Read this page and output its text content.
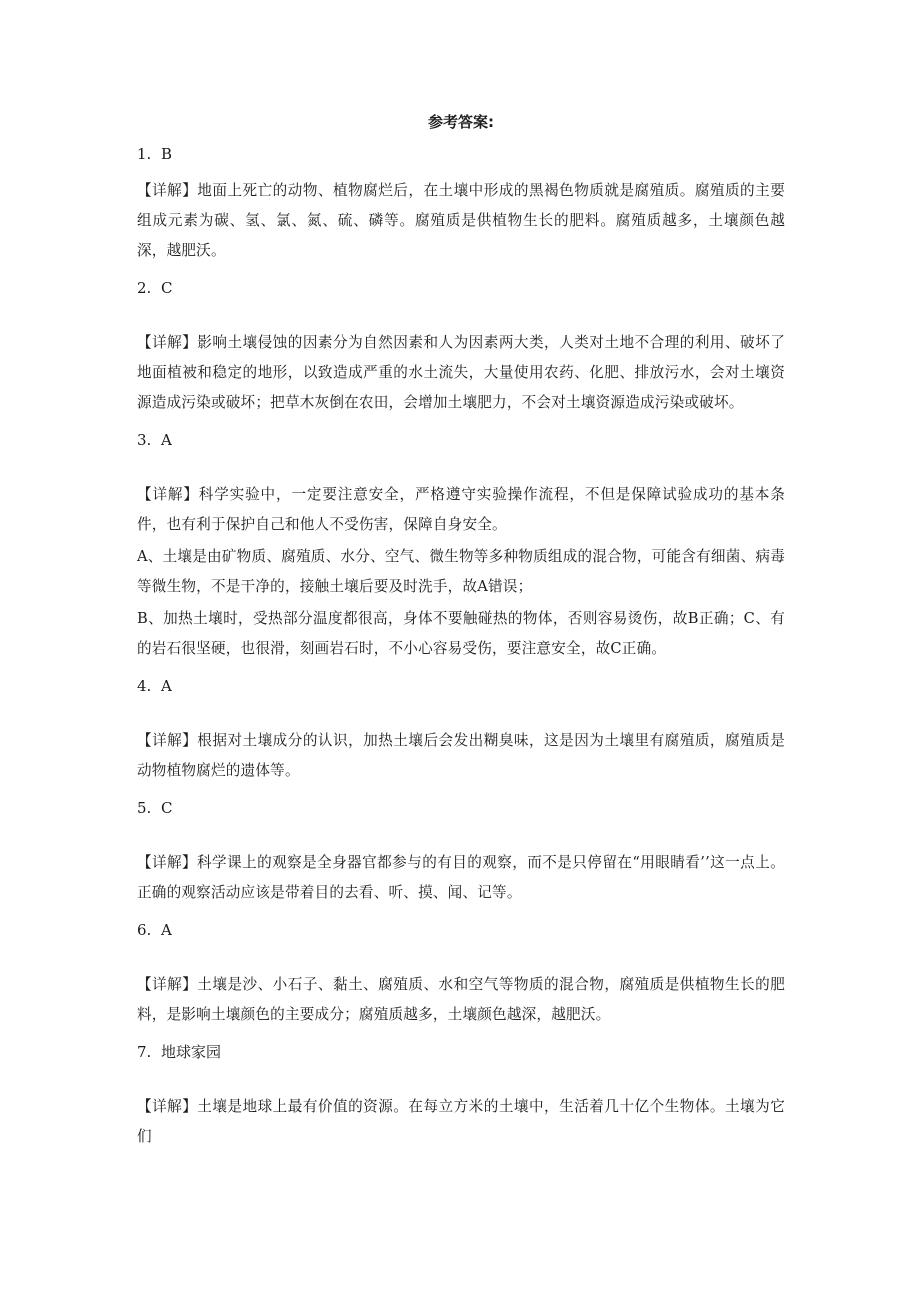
参考答案:
1. B

【详解】地面上死亡的动物、植物腐烂后，在土壤中形成的黑褐色物质就是腐殖质。腐殖质的主要组成元素为碳、氢、氯、氮、硫、磷等。腐殖质是供植物生长的肥料。腐殖质越多，土壤颜色越深，越肥沃。

2. C

【详解】影响土壤侵蚀的因素分为自然因素和人为因素两大类，人类对土地不合理的利用、破坏了地面植被和稳定的地形，以致造成严重的水土流失，大量使用农药、化肥、排放污水，会对土壤资源造成污染或破坏；把草木灰倒在农田，会增加土壤肥力，不会对土壤资源造成污染或破坏。

3. A

【详解】科学实验中，一定要注意安全，严格遵守实验操作流程，不但是保障试验成功的基本条件，也有利于保护自己和他人不受伤害，保障自身安全。

A、土壤是由矿物质、腐殖质、水分、空气、微生物等多种物质组成的混合物，可能含有细菌、病毒等微生物，不是干净的，接触土壤后要及时洗手，故A错误；

B、加热土壤时，受热部分温度都很高，身体不要触碰热的物体，否则容易烫伤，故B正确；C、有的岩石很坚硬，也很滑，刻画岩石时，不小心容易受伤，要注意安全，故C正确。

4. A

【详解】根据对土壤成分的认识，加热土壤后会发出糊臭味，这是因为土壤里有腐殖质，腐殖质是动物植物腐烂的遗体等。

5. C

【详解】科学课上的观察是全身器官都参与的有目的观察，而不是只停留在“用眼睛看’’这一点上。正确的观察活动应该是带着目的去看、听、摸、闻、记等。

6. A

【详解】土壤是沙、小石子、黏土、腐殖质、水和空气等物质的混合物，腐殖质是供植物生长的肥料，是影响土壤颜色的主要成分；腐殖质越多，土壤颜色越深，越肥沃。

7. 地球家园

【详解】土壤是地球上最有价值的资源。在每立方米的土壤中，生活着几十亿个生物体。土壤为它们
